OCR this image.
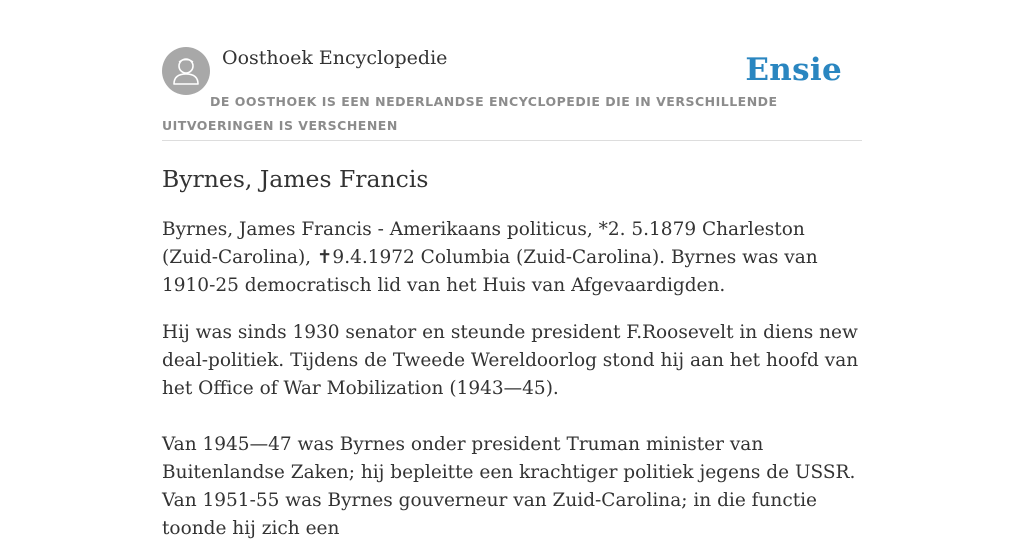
Oosthoek Encyclopedie	Ensie
DE OOSTHOEK IS EEN NEDERLANDSE ENCYCLOPEDIE DIE IN VERSCHILLENDE UITVOERINGEN IS VERSCHENEN
Byrnes, James Francis

Byrnes, James Francis - Amerikaans politicus, *2. 5.1879 Charleston (Zuid-Carolina), ✝9.4.1972 Columbia (Zuid-Carolina). Byrnes was van 1910-25 democratisch lid van het Huis van Afgevaardigden.

Hij was sinds 1930 senator en steunde president F.Roosevelt in diens new deal-politiek. Tijdens de Tweede Wereldoorlog stond hij aan het hoofd van het Office of War Mobilization (1943—45).

Van 1945—47 was Byrnes onder president Truman minister van Buitenlandse Zaken; hij bepleitte een krachtiger politiek jegens de USSR. Van 1951-55 was Byrnes gouverneur van Zuid-Carolina; in die functie toonde hij zich een
